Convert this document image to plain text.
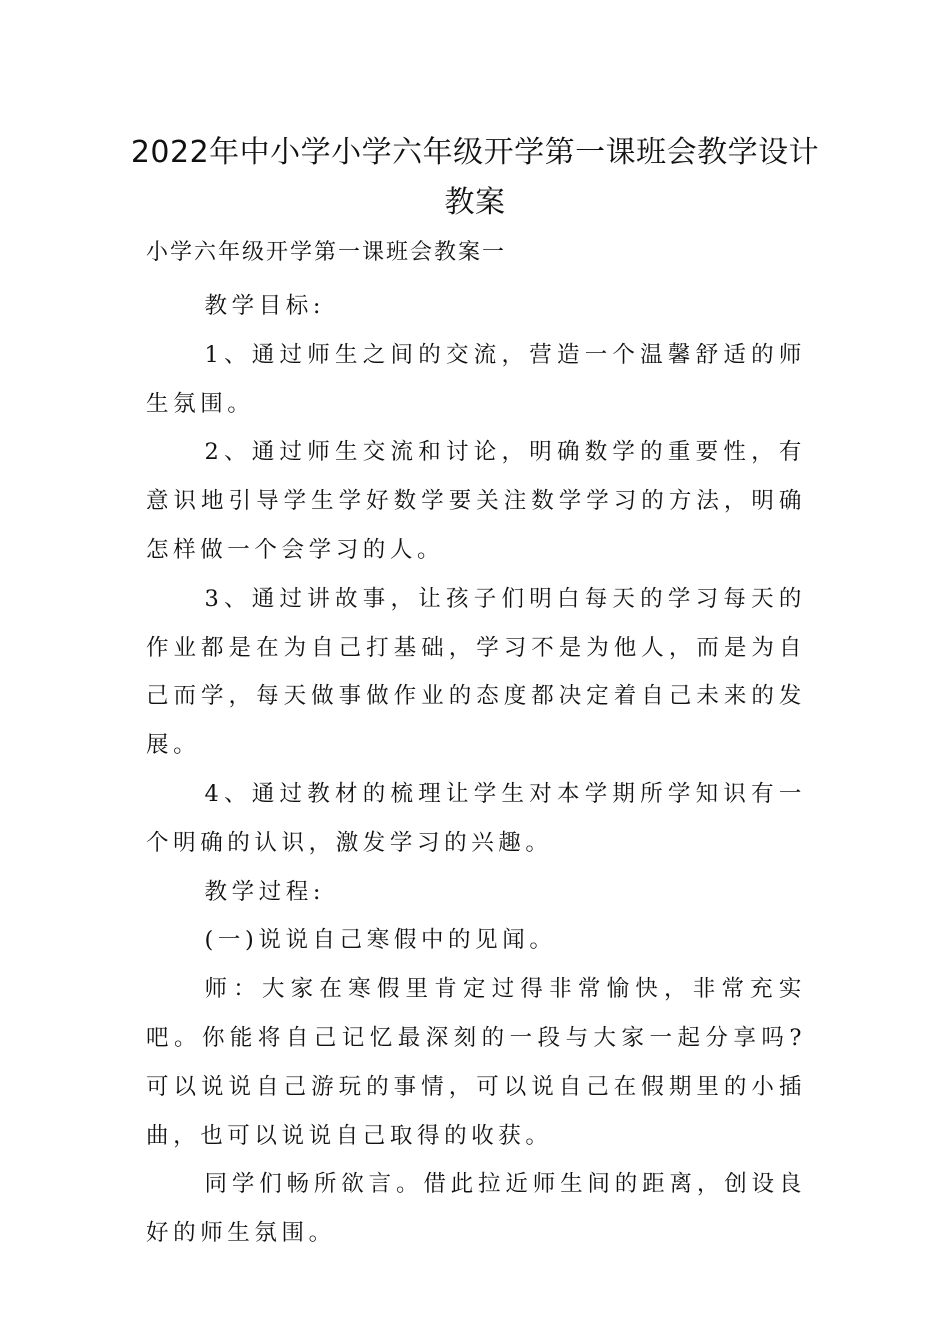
2022年中小学小学六年级开学第一课班会教学设计
教案
小学六年级开学第一课班会教案一

教学目标:

1、通过师生之间的交流，营造一个温馨舒适的师生氛围。

2、通过师生交流和讨论，明确数学的重要性，有意识地引导学生学好数学要关注数学学习的方法，明确怎样做一个会学习的人。

3、通过讲故事，让孩子们明白每天的学习每天的作业都是在为自己打基础，学习不是为他人，而是为自己而学，每天做事做作业的态度都决定着自己未来的发展。

4、通过教材的梳理让学生对本学期所学知识有一个明确的认识，激发学习的兴趣。

教学过程:

(一)说说自己寒假中的见闻。

师：大家在寒假里肯定过得非常愉快，非常充实吧。你能将自己记忆最深刻的一段与大家一起分享吗?可以说说自己游玩的事情，可以说自己在假期里的小插曲，也可以说说自己取得的收获。

同学们畅所欲言。借此拉近师生间的距离，创设良好的师生氛围。
